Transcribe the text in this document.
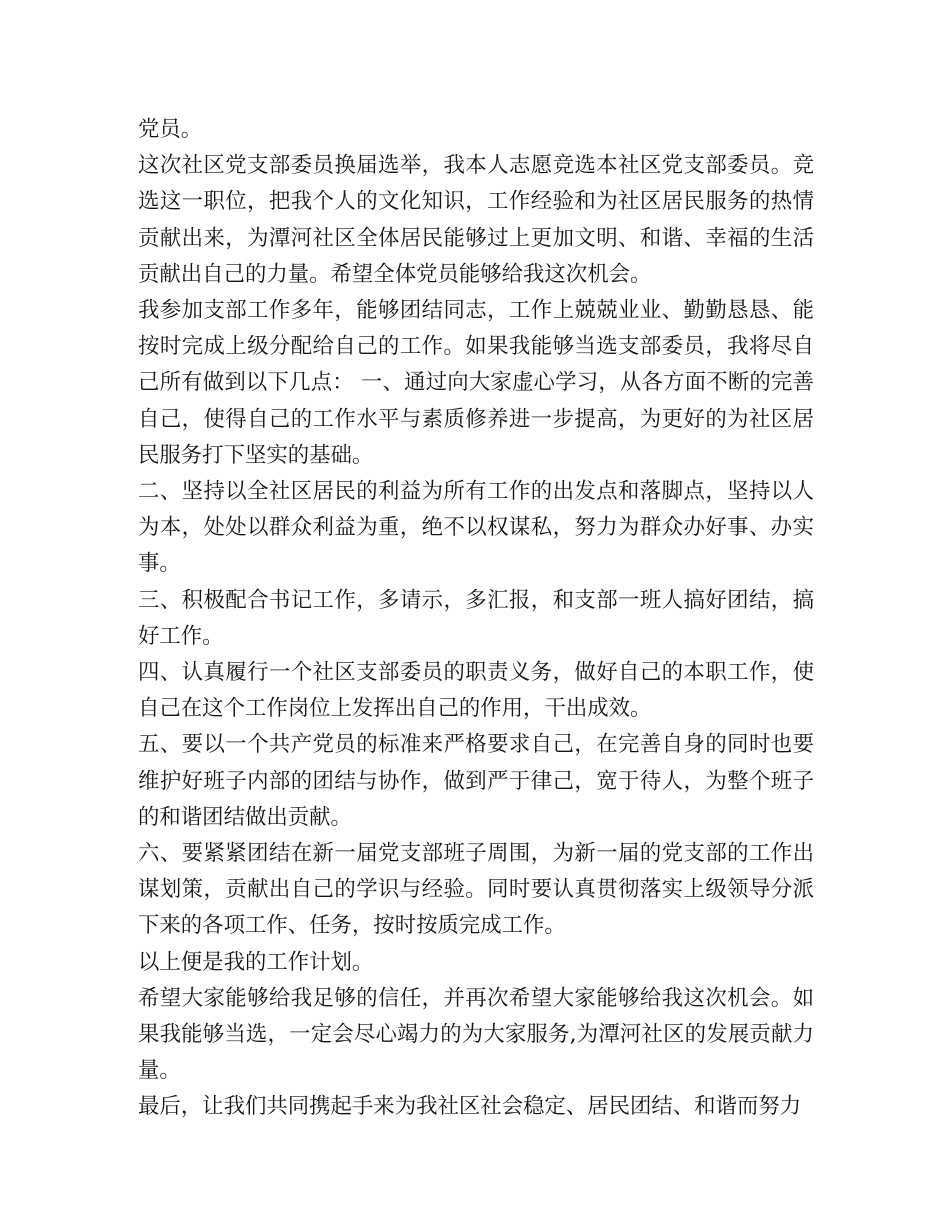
党员。

这次社区党支部委员换届选举，我本人志愿竞选本社区党支部委员。竞选这一职位，把我个人的文化知识，工作经验和为社区居民服务的热情贡献出来，为潭河社区全体居民能够过上更加文明、和谐、幸福的生活贡献出自己的力量。希望全体党员能够给我这次机会。

我参加支部工作多年，能够团结同志，工作上兢兢业业、勤勤恳恳、能按时完成上级分配给自己的工作。如果我能够当选支部委员，我将尽自己所有做到以下几点： 一、通过向大家虚心学习，从各方面不断的完善自己，使得自己的工作水平与素质修养进一步提高，为更好的为社区居民服务打下坚实的基础。

二、坚持以全社区居民的利益为所有工作的出发点和落脚点，坚持以人为本，处处以群众利益为重，绝不以权谋私，努力为群众办好事、办实事。

三、积极配合书记工作，多请示，多汇报，和支部一班人搞好团结，搞好工作。

四、认真履行一个社区支部委员的职责义务，做好自己的本职工作，使自己在这个工作岗位上发挥出自己的作用，干出成效。

五、要以一个共产党员的标准来严格要求自己，在完善自身的同时也要维护好班子内部的团结与协作，做到严于律己，宽于待人，为整个班子的和谐团结做出贡献。

六、要紧紧团结在新一届党支部班子周围，为新一届的党支部的工作出谋划策，贡献出自己的学识与经验。同时要认真贯彻落实上级领导分派下来的各项工作、任务，按时按质完成工作。

以上便是我的工作计划。

希望大家能够给我足够的信任，并再次希望大家能够给我这次机会。如果我能够当选，一定会尽心竭力的为大家服务,为潭河社区的发展贡献力量。

最后，让我们共同携起手来为我社区社会稳定、居民团结、和谐而努力
